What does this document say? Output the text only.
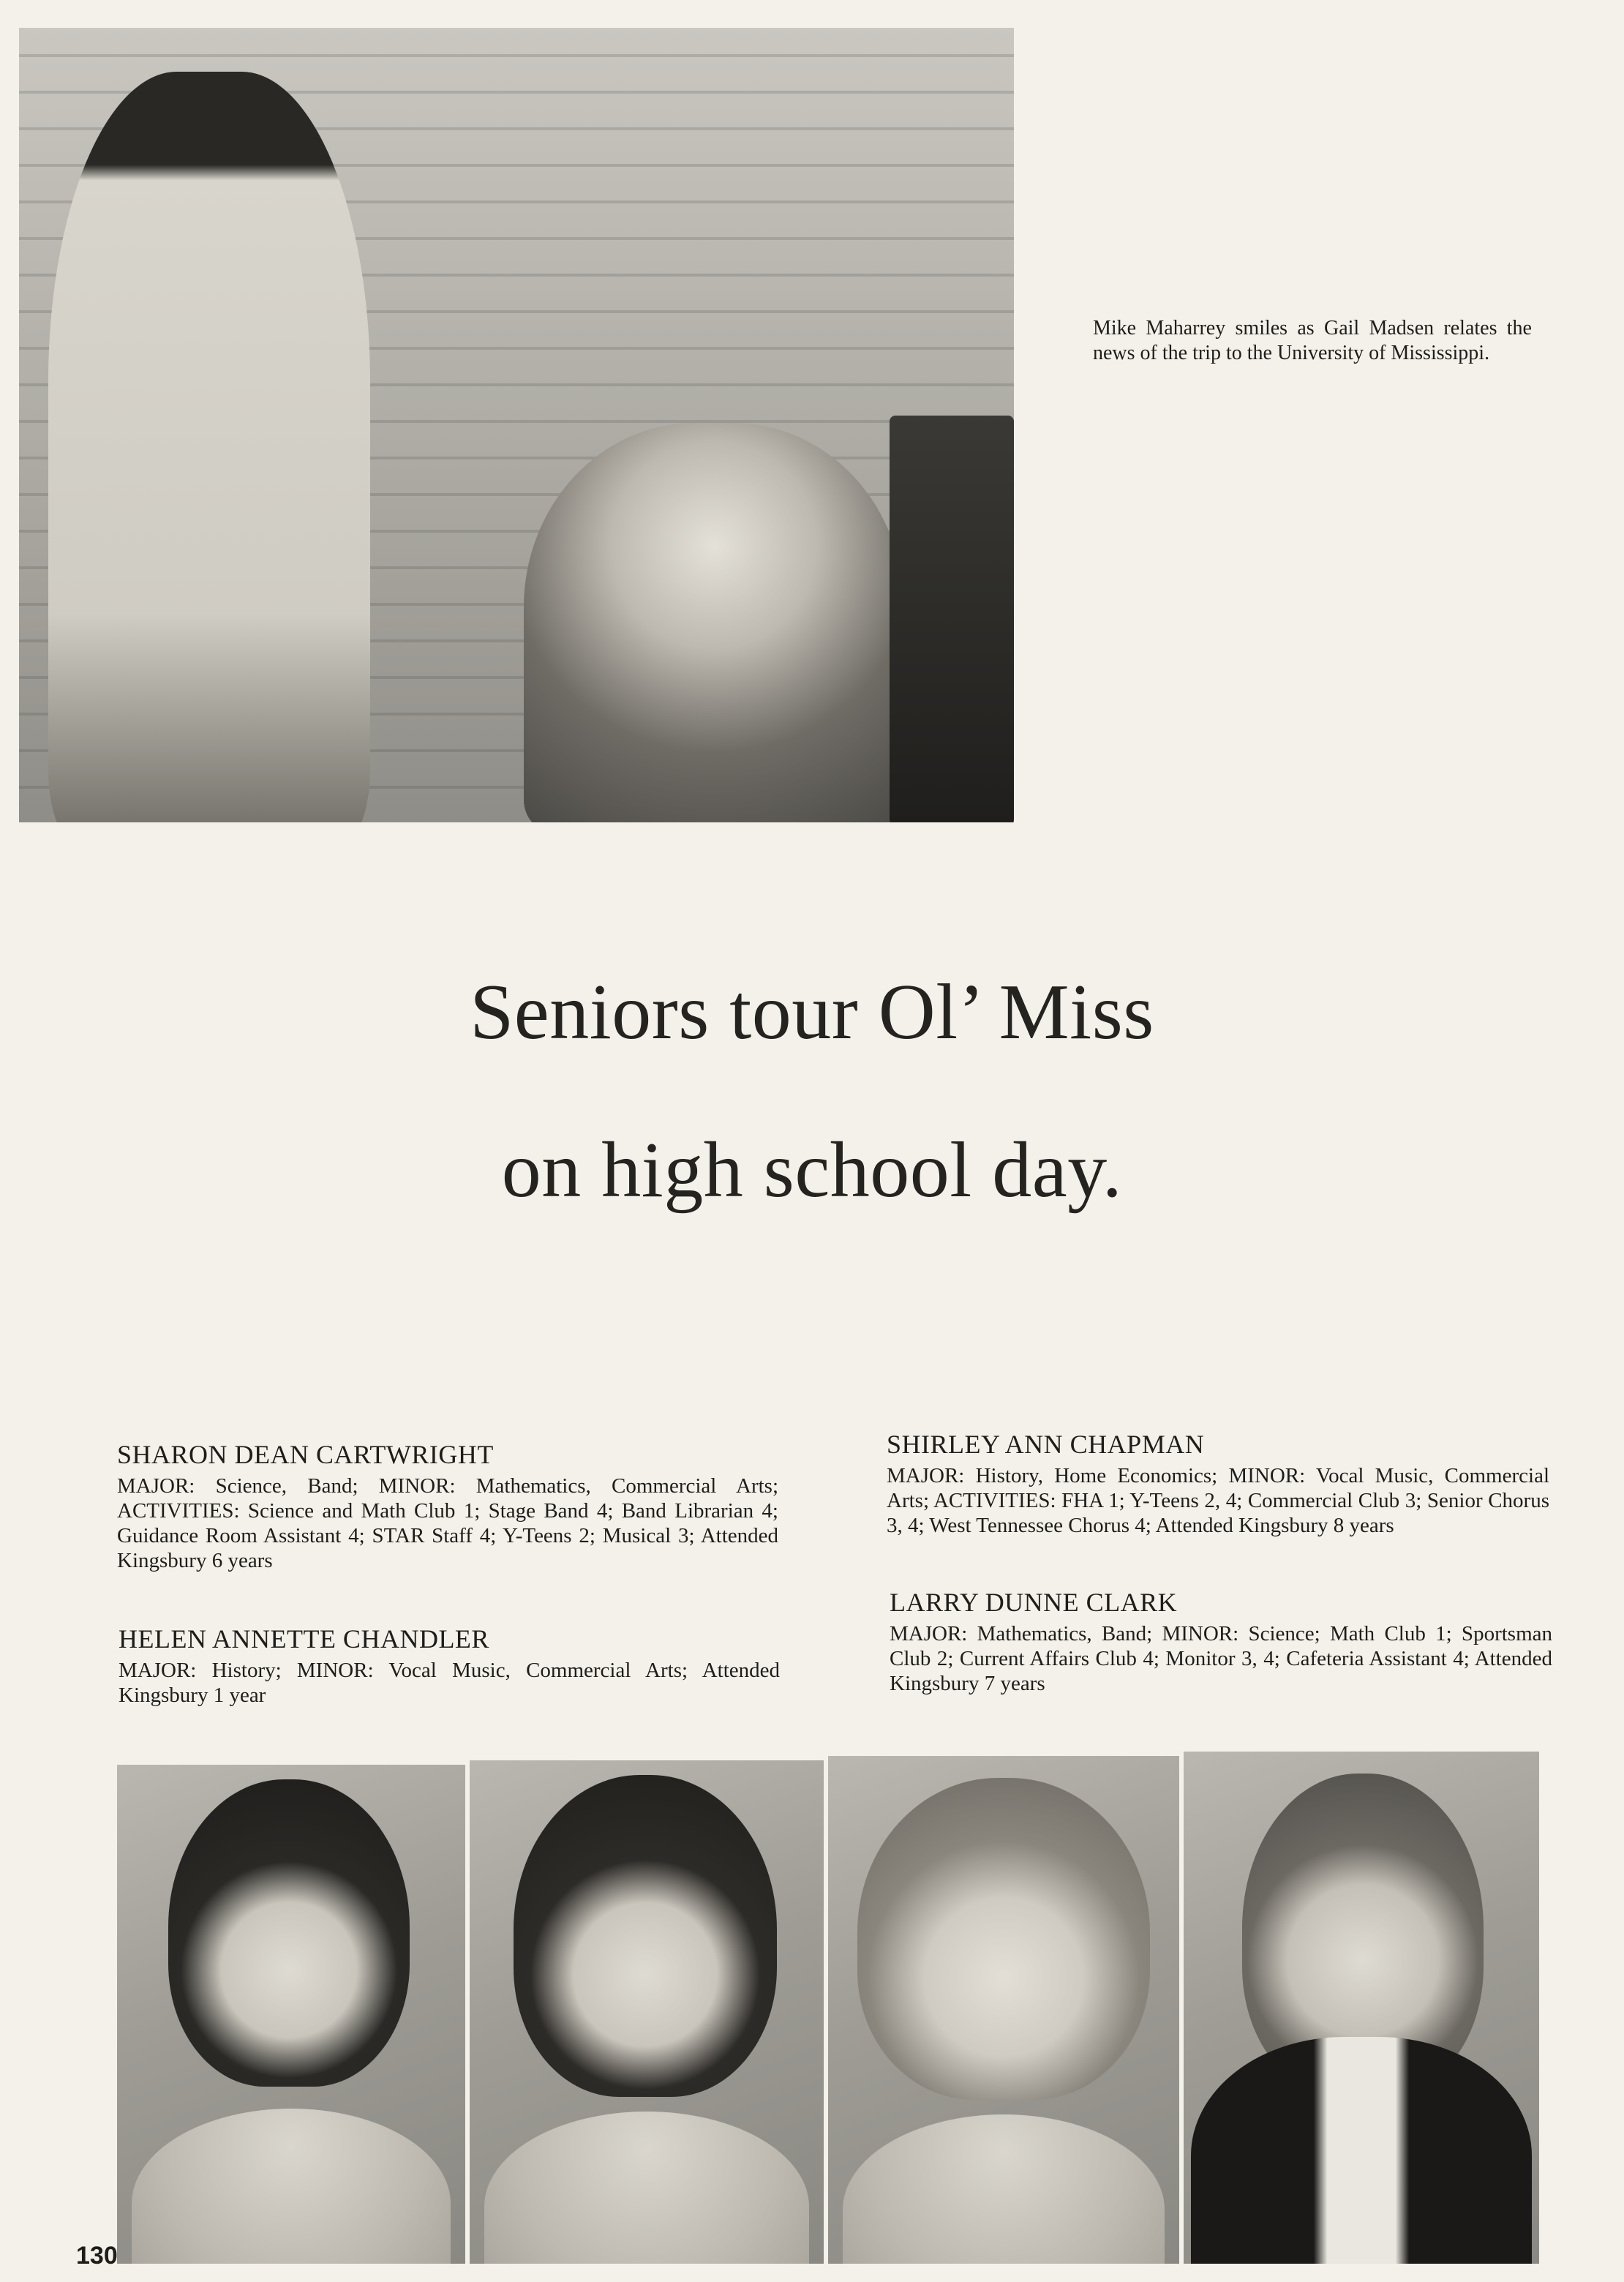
Mike Maharrey smiles as Gail Madsen relates the news of the trip to the University of Mississippi.
Seniors tour Ol’ Miss
on high school day.
SHARON DEAN CARTWRIGHT
MAJOR: Science, Band; MINOR: Mathematics, Commercial Arts; ACTIVITIES: Science and Math Club 1; Stage Band 4; Band Librarian 4; Guidance Room Assistant 4; STAR Staff 4; Y-Teens 2; Musical 3; Attended Kingsbury 6 years
HELEN ANNETTE CHANDLER
MAJOR: History; MINOR: Vocal Music, Commercial Arts; Attended Kingsbury 1 year
SHIRLEY ANN CHAPMAN
MAJOR: History, Home Economics; MINOR: Vocal Music, Commercial Arts; ACTIVITIES: FHA 1; Y-Teens 2, 4; Commercial Club 3; Senior Chorus 3, 4; West Tennessee Chorus 4; Attended Kingsbury 8 years
LARRY DUNNE CLARK
MAJOR: Mathematics, Band; MINOR: Science; Math Club 1; Sportsman Club 2; Current Affairs Club 4; Monitor 3, 4; Cafeteria Assistant 4; Attended Kingsbury 7 years
130
